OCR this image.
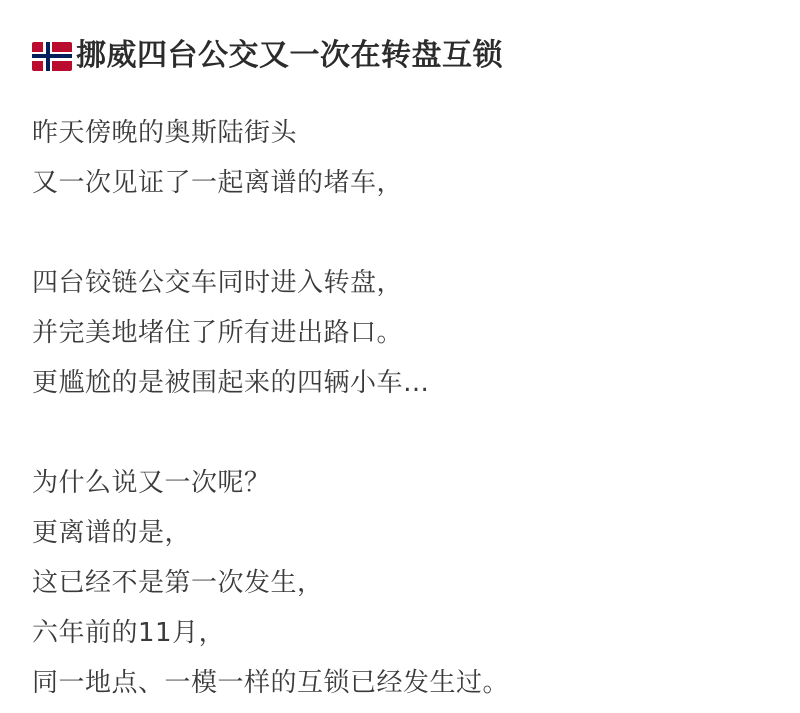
挪威四台公交又一次在转盘互锁
昨天傍晚的奥斯陆街头
又一次见证了一起离谱的堵车，
四台铰链公交车同时进入转盘，
并完美地堵住了所有进出路口。
更尴尬的是被围起来的四辆小车…
为什么说又一次呢？
更离谱的是，
这已经不是第一次发生，
六年前的11月，
同一地点、一模一样的互锁已经发生过。
